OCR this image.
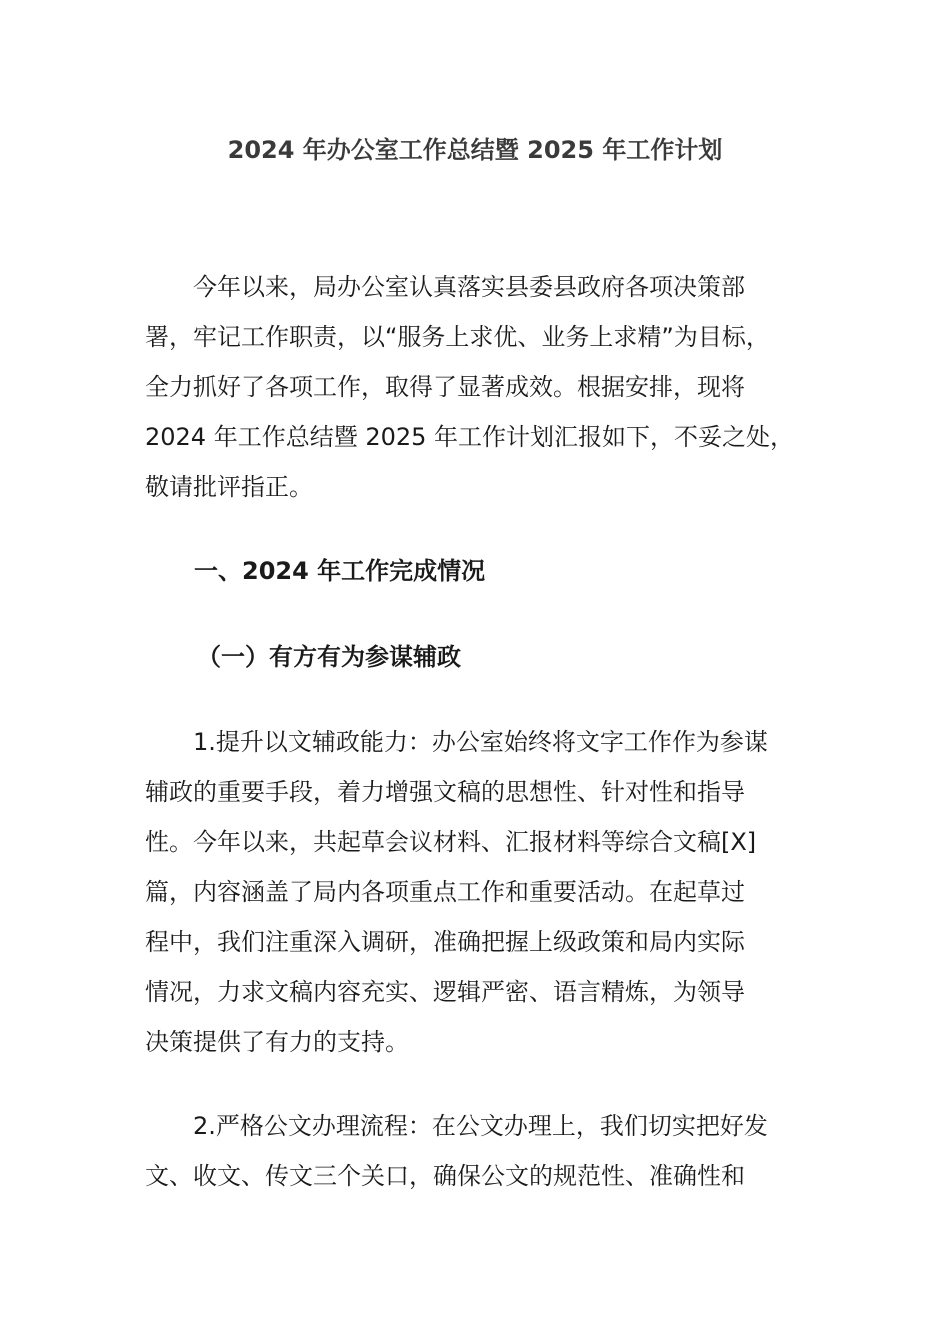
2024 年办公室工作总结暨 2025 年工作计划
今年以来，局办公室认真落实县委县政府各项决策部
署，牢记工作职责，以“服务上求优、业务上求精”为目标，
全力抓好了各项工作，取得了显著成效。根据安排，现将
2024 年工作总结暨 2025 年工作计划汇报如下，不妥之处，
敬请批评指正。
一、2024 年工作完成情况
（一）有方有为参谋辅政
1.提升以文辅政能力：办公室始终将文字工作作为参谋
辅政的重要手段，着力增强文稿的思想性、针对性和指导
性。今年以来，共起草会议材料、汇报材料等综合文稿[X]
篇，内容涵盖了局内各项重点工作和重要活动。在起草过
程中，我们注重深入调研，准确把握上级政策和局内实际
情况，力求文稿内容充实、逻辑严密、语言精炼，为领导
决策提供了有力的支持。
2.严格公文办理流程：在公文办理上，我们切实把好发
文、收文、传文三个关口，确保公文的规范性、准确性和
